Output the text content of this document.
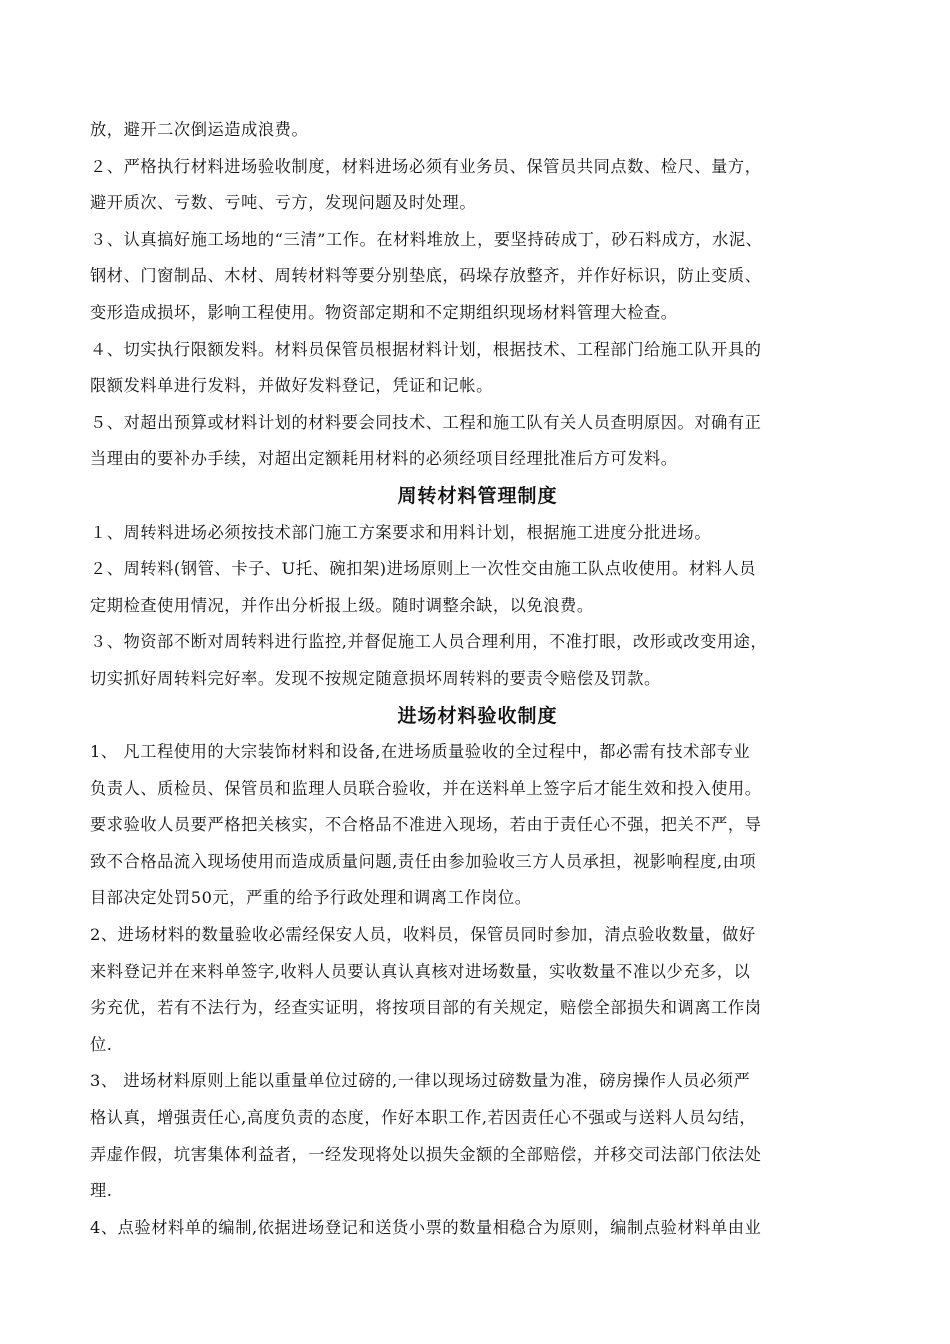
放，避开二次倒运造成浪费。
２、严格执行材料进场验收制度，材料进场必须有业务员、保管员共同点数、检尺、量方，
避开质次、亏数、亏吨、亏方，发现问题及时处理。
３、认真搞好施工场地的“三清”工作。在材料堆放上，要坚持砖成丁，砂石料成方，水泥、
钢材、门窗制品、木材、周转材料等要分别垫底，码垛存放整齐，并作好标识，防止变质、
变形造成损坏，影响工程使用。物资部定期和不定期组织现场材料管理大检查。
４、切实执行限额发料。材料员保管员根据材料计划，根据技术、工程部门给施工队开具的
限额发料单进行发料，并做好发料登记，凭证和记帐。
５、对超出预算或材料计划的材料要会同技术、工程和施工队有关人员查明原因。对确有正
当理由的要补办手续，对超出定额耗用材料的必须经项目经理批准后方可发料。
周转材料管理制度
１、周转料进场必须按技术部门施工方案要求和用料计划，根据施工进度分批进场。
２、周转料(钢管、卡子、U托、碗扣架)进场原则上一次性交由施工队点收使用。材料人员
定期检查使用情况，并作出分析报上级。随时调整余缺，以免浪费。
３、物资部不断对周转料进行监控,并督促施工人员合理利用，不准打眼，改形或改变用途，
切实抓好周转料完好率。发现不按规定随意损坏周转料的要责令赔偿及罚款。
进场材料验收制度
1、 凡工程使用的大宗装饰材料和设备,在进场质量验收的全过程中，都必需有技术部专业
负责人、质检员、保管员和监理人员联合验收，并在送料单上签字后才能生效和投入使用。
要求验收人员要严格把关核实，不合格品不准进入现场，若由于责任心不强，把关不严，导
致不合格品流入现场使用而造成质量问题,责任由参加验收三方人员承担，视影响程度,由项
目部决定处罚50元，严重的给予行政处理和调离工作岗位。
2、进场材料的数量验收必需经保安人员，收料员，保管员同时参加，清点验收数量，做好
来料登记并在来料单签字,收料人员要认真认真核对进场数量，实收数量不准以少充多，以
劣充优，若有不法行为，经查实证明，将按项目部的有关规定，赔偿全部损失和调离工作岗
位.
3、 进场材料原则上能以重量单位过磅的,一律以现场过磅数量为准，磅房操作人员必须严
格认真，增强责任心,高度负责的态度，作好本职工作,若因责任心不强或与送料人员勾结，
弄虚作假，坑害集体利益者，一经发现将处以损失金额的全部赔偿，并移交司法部门依法处
理.
4、点验材料单的编制,依据进场登记和送货小票的数量相稳合为原则，编制点验材料单由业
